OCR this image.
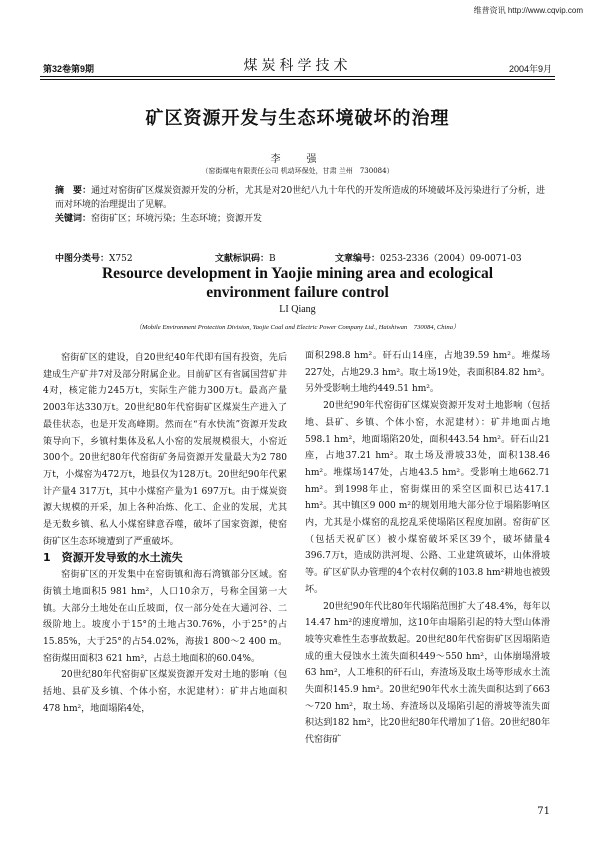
维普资讯 http://www.cqvip.com
第32卷第9期	煤炭科学技术	2004年9月
矿区资源开发与生态环境破坏的治理
李　强
（窑街煤电有限责任公司 机动环保处，甘肃 兰州　730084）
摘　要：通过对窑街矿区煤炭资源开发的分析，尤其是对20世纪八九十年代的开发所造成的环境破坏及污染进行了分析，进而对环境的治理提出了见解。
关键词：窑街矿区；环境污染；生态环境；资源开发
中图分类号：X752	文献标识码：B	文章编号：0253-2336（2004）09-0071-03
Resource development in Yaojie mining area and ecological
environment failure control
LI Qiang
（Mobile Environment Protection Division, Yaojie Coal and Electric Power Company Ltd., Haishiwan　730084, China）

窑街矿区的建设，自20世纪40年代即有国有投资，先后建成生产矿井7对及部分附属企业。目前矿区有省属国营矿井4对，核定能力245万t，实际生产能力300万t。最高产量2003年达330万t。20世纪80年代窑街矿区煤炭生产进入了最佳状态，也是开发高峰期。然而在“有水快流”资源开发政策导向下，乡镇村集体及私人小窑的发展规模很大，小窑近300个。20世纪80年代窑街矿务局资源开发量最大为2 780万t，小煤窑为472万t，地县仅为128万t。20世纪90年代累计产量4 317万t，其中小煤窑产量为1 697万t。由于煤炭资源大规模的开采，加上各种冶炼、化工、企业的发展，尤其是无数乡镇、私人小煤窑肆意吞噬，破坏了国家资源，使窑街矿区生态环境遭到了严重破坏。

1　资源开发导致的水土流失

窑街矿区的开发集中在窑街镇和海石湾镇部分区域。窑街镇土地面积5 981 hm²，人口10余万，号称全国第一大镇。大部分土地处在山丘坡面，仅一部分处在大通河谷、二级阶地上。坡度小于15°的土地占30.76%，小于25°的占15.85%，大于25°的占54.02%，海拔1 800～2 400 m。窑街煤田面积3 621 hm²，占总土地面积的60.04%。

20世纪80年代窑街矿区煤炭资源开发对土地的影响（包括地、县矿及乡镇、个体小窑，水泥建材）：矿井占地面积478 hm²，地面塌陷4处，

面积298.8 hm²。矸石山14座，占地39.59 hm²。堆煤场227处，占地29.3 hm²。取土场19处，表面积84.82 hm²。另外受影响土地约449.51 hm²。

20世纪90年代窑街矿区煤炭资源开发对土地影响（包括地、县矿、乡镇、个体小窑，水泥建材）：矿井地面占地598.1 hm²，地面塌陷20处，面积443.54 hm²。矸石山21座，占地37.21 hm²。取土场及滑坡33处，面积138.46 hm²。堆煤场147处，占地43.5 hm²。受影响土地662.71 hm²。到1998年止，窑街煤田的采空区面积已达417.1 hm²。其中镇区9 000 m²的规划用地大部分位于塌陷影响区内，尤其是小煤窑的乱挖乱采使塌陷区程度加剧。窑街矿区（包括天祝矿区）被小煤窑破坏采区39个，破坏储量4 396.7万t，造成防洪河堤、公路、工业建筑破坏，山体滑坡等。矿区矿队办管理的4个农村仅剩的103.8 hm²耕地也被毁坏。

20世纪90年代比80年代塌陷范围扩大了48.4%，每年以14.47 hm²的速度增加，这10年由塌陷引起的特大型山体滑坡等灾难性生态事故数起。20世纪80年代窑街矿区因塌陷造成的重大侵蚀水土流失面积449～550 hm²，山体崩塌滑坡63 hm²，人工堆积的矸石山，弃渣场及取土场等形成水土流失面积145.9 hm²。20世纪90年代水土流失面积达到了663～720 hm²，取土场、弃渣场以及塌陷引起的滑坡等流失面积达到182 hm²，比20世纪80年代增加了1倍。20世纪80年代窑街矿

71
